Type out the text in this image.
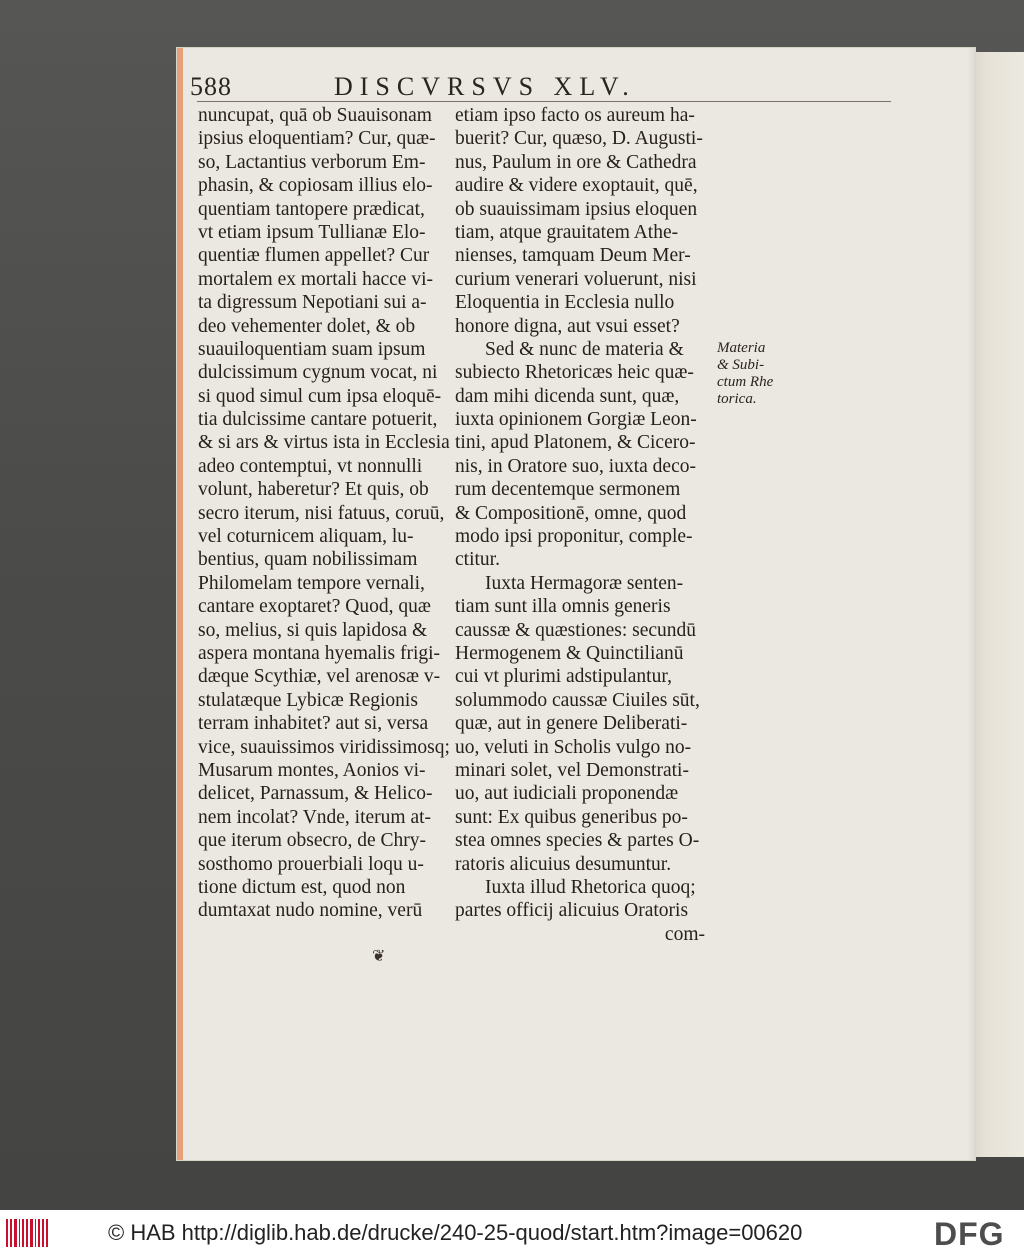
588	DISCVRSVS XLV.
nuncupat, quā ob Suauisonam
ipsius eloquentiam? Cur, quæ-
so, Lactantius verborum Em-
phasin, & copiosam illius elo-
quentiam tantopere prædicat,
vt etiam ipsum Tullianæ Elo-
quentiæ flumen appellet? Cur
mortalem ex mortali hacce vi-
ta digressum Nepotiani sui a-
deo vehementer dolet, & ob
suauiloquentiam suam ipsum
dulcissimum cygnum vocat, ni
si quod simul cum ipsa eloquē-
tia dulcissime cantare potuerit,
& si ars & virtus ista in Ecclesia
adeo contemptui, vt nonnulli
volunt, haberetur? Et quis, ob
secro iterum, nisi fatuus, coruū,
vel coturnicem aliquam, lu-
bentius, quam nobilissimam
Philomelam tempore vernali,
cantare exoptaret? Quod, quæ
so, melius, si quis lapidosa &
aspera montana hyemalis frigi-
dæque Scythiæ, vel arenosæ v-
stulatæque Lybicæ Regionis
terram inhabitet? aut si, versa
vice, suauissimos viridissimosq;
Musarum montes, Aonios vi-
delicet, Parnassum, & Helico-
nem incolat? Vnde, iterum at-
que iterum obsecro, de Chry-
sosthomo prouerbiali loqu u-
tione dictum est, quod non
dumtaxat nudo nomine, verū
etiam ipso facto os aureum ha-
buerit? Cur, quæso, D. Augusti-
nus, Paulum in ore & Cathedra
audire & videre exoptauit, quē,
ob suauissimam ipsius eloquen
tiam, atque grauitatem Athe-
nienses, tamquam Deum Mer-
curium venerari voluerunt, nisi
Eloquentia in Ecclesia nullo
honore digna, aut vsui esset?
Sed & nunc de materia &
subiecto Rhetoricæs heic quæ-
dam mihi dicenda sunt, quæ,
iuxta opinionem Gorgiæ Leon-
tini, apud Platonem, & Cicero-
nis, in Oratore suo, iuxta deco-
rum decentemque sermonem
& Compositionē, omne, quod
modo ipsi proponitur, comple-
ctitur.
Iuxta Hermagoræ senten-
tiam sunt illa omnis generis
caussæ & quæstiones: secundū
Hermogenem & Quinctilianū
cui vt plurimi adstipulantur,
solummodo caussæ Ciuiles sūt,
quæ, aut in genere Deliberati-
uo, veluti in Scholis vulgo no-
minari solet, vel Demonstrati-
uo, aut iudiciali proponendæ
sunt: Ex quibus generibus po-
stea omnes species & partes O-
ratoris alicuius desumuntur.
Iuxta illud Rhetorica quoq;
partes officij alicuius Oratoris
com-
Materia
& Subi-
ctum Rhe
torica.
❦
© HAB http://diglib.hab.de/drucke/240-25-quod/start.htm?image=00620	DFG
